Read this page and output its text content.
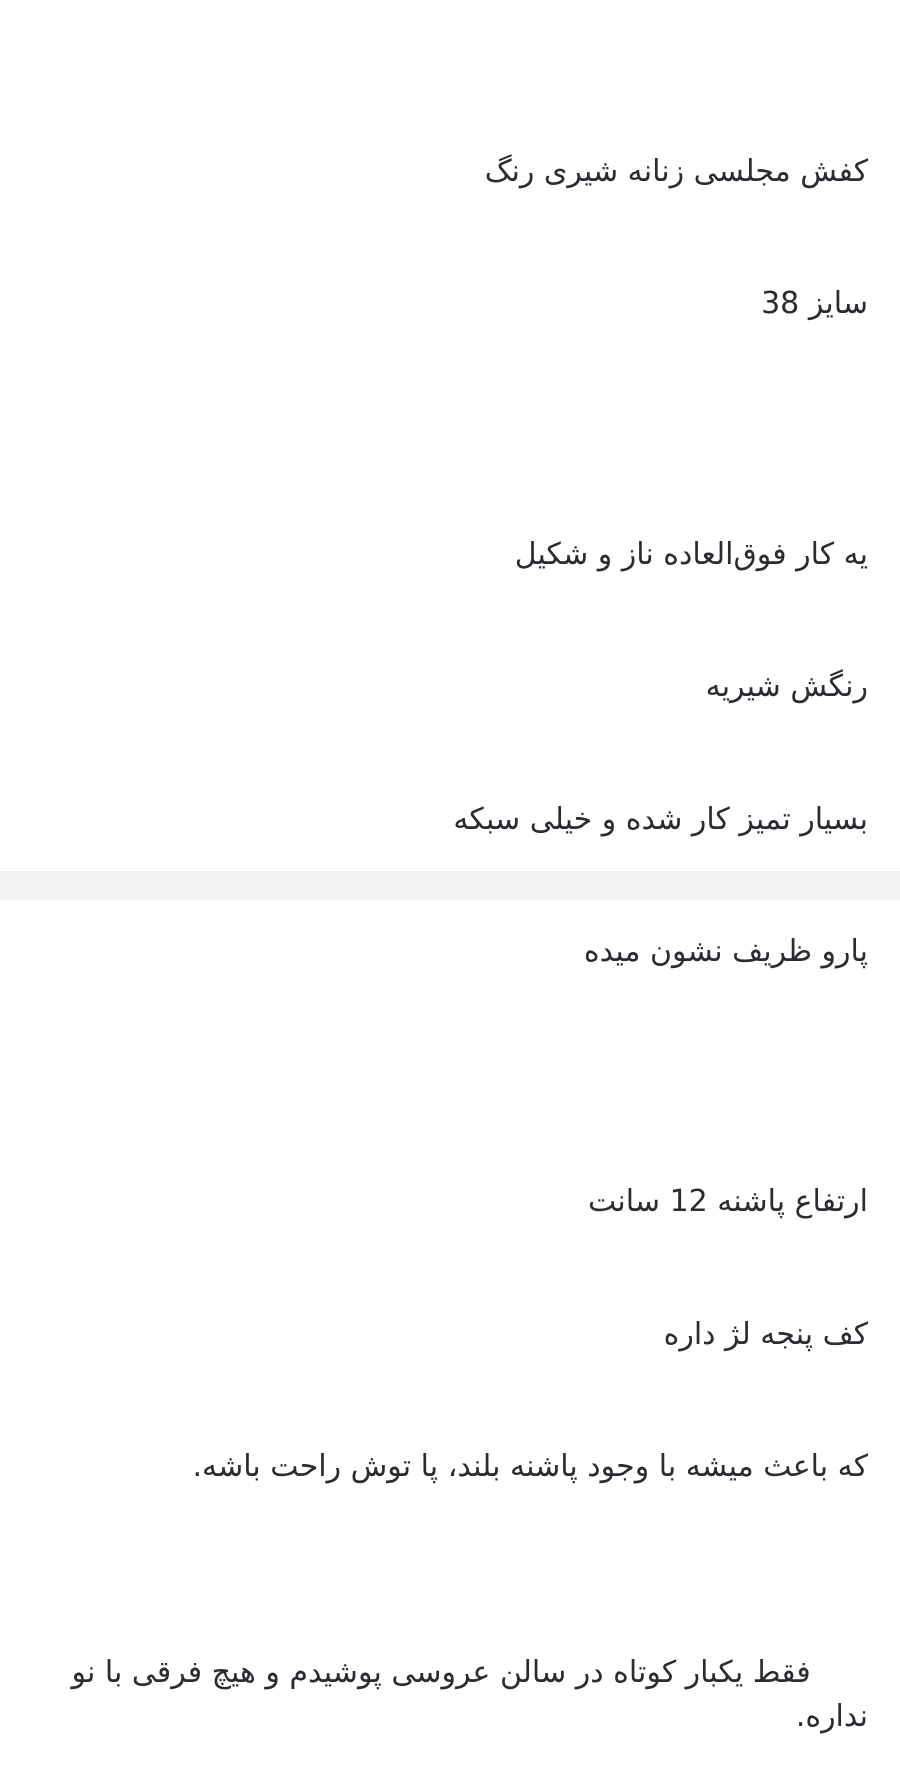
کفش مجلسی زنانه شیری رنگ

سایز 38

یه کار فوق‌العاده ناز و شکیل

رنگش شیریه

بسیار تمیز کار شده و خیلی سبکه

پارو ظریف نشون میده

ارتفاع پاشنه 12 سانت

کف پنجه لژ داره

که باعث میشه با وجود پاشنه بلند، پا توش راحت باشه.

فقط یکبار کوتاه در سالن عروسی پوشیدم و هیچ فرقی با نو نداره.
